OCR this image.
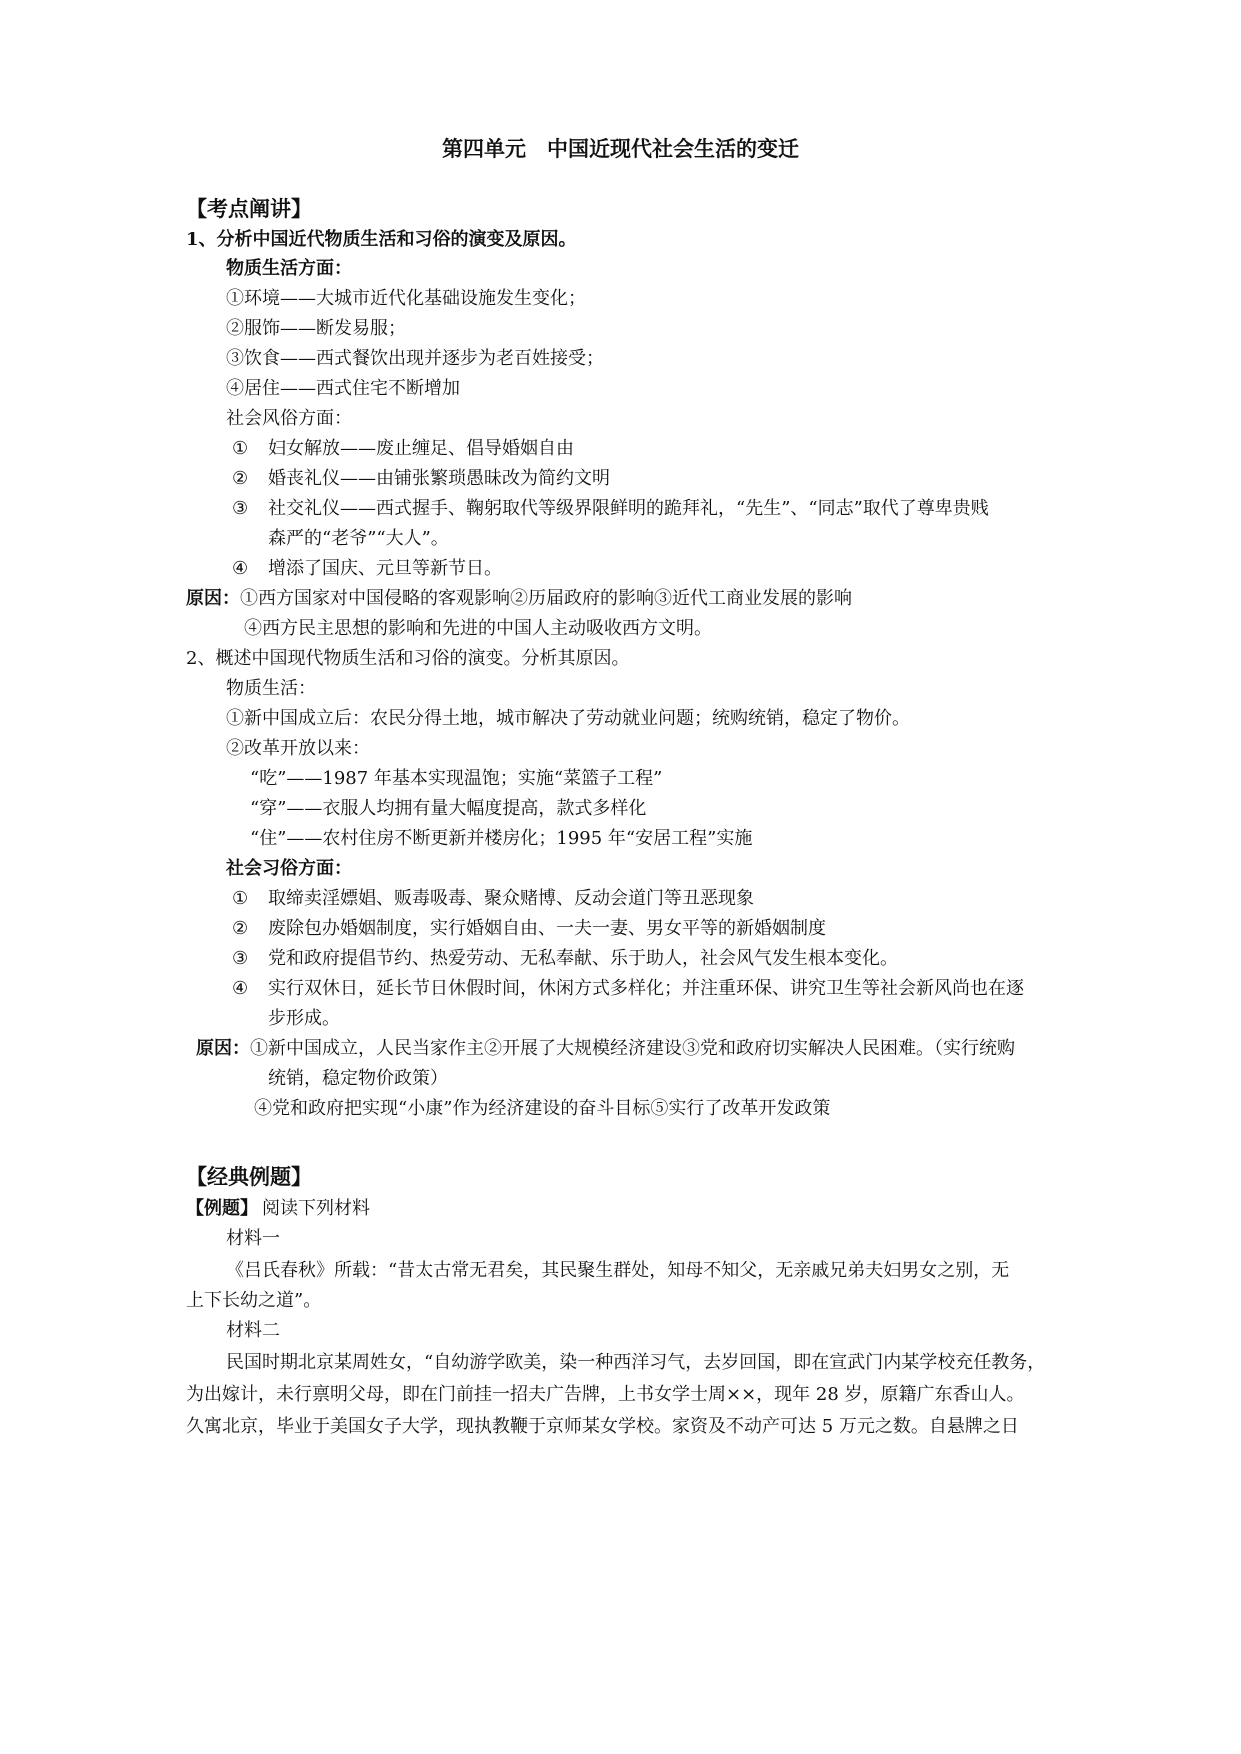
第四单元　中国近现代社会生活的变迁
【考点阐讲】
1、分析中国近代物质生活和习俗的演变及原因。
物质生活方面：
①环境——大城市近代化基础设施发生变化；
②服饰——断发易服；
③饮食——西式餐饮出现并逐步为老百姓接受；
④居住——西式住宅不断增加
社会风俗方面：
① 妇女解放——废止缠足、倡导婚姻自由
② 婚丧礼仪——由铺张繁琐愚昧改为简约文明
③ 社交礼仪——西式握手、鞠躬取代等级界限鲜明的跪拜礼，“先生”、“同志”取代了尊卑贵贱
森严的“老爷”“大人”。
④ 增添了国庆、元旦等新节日。
原因： ①西方国家对中国侵略的客观影响②历届政府的影响③近代工商业发展的影响
④西方民主思想的影响和先进的中国人主动吸收西方文明。
2、概述中国现代物质生活和习俗的演变。分析其原因。
物质生活：
①新中国成立后：农民分得土地，城市解决了劳动就业问题；统购统销，稳定了物价。
②改革开放以来：
“吃”——1987 年基本实现温饱；实施“菜篮子工程”
“穿”——衣服人均拥有量大幅度提高，款式多样化
“住”——农村住房不断更新并楼房化；1995 年“安居工程”实施
社会习俗方面：
① 取缔卖淫嫖娼、贩毒吸毒、聚众赌博、反动会道门等丑恶现象
② 废除包办婚姻制度，实行婚姻自由、一夫一妻、男女平等的新婚姻制度
③ 党和政府提倡节约、热爱劳动、无私奉献、乐于助人，社会风气发生根本变化。
④ 实行双休日，延长节日休假时间，休闲方式多样化；并注重环保、讲究卫生等社会新风尚也在逐
步形成。
原因： ①新中国成立，人民当家作主②开展了大规模经济建设③党和政府切实解决人民困难。（实行统购
统销，稳定物价政策）
④党和政府把实现“小康”作为经济建设的奋斗目标⑤实行了改革开发政策
【经典例题】
【例题】 阅读下列材料
材料一
《吕氏春秋》所载：“昔太古常无君矣，其民聚生群处，知母不知父，无亲戚兄弟夫妇男女之别，无
上下长幼之道”。
材料二
民国时期北京某周姓女，“自幼游学欧美，染一种西洋习气，去岁回国，即在宣武门内某学校充任教务，
为出嫁计，未行禀明父母，即在门前挂一招夫广告牌，上书女学士周××，现年 28 岁，原籍广东香山人。
久寓北京，毕业于美国女子大学，现执教鞭于京师某女学校。家资及不动产可达 5 万元之数。自悬牌之日
